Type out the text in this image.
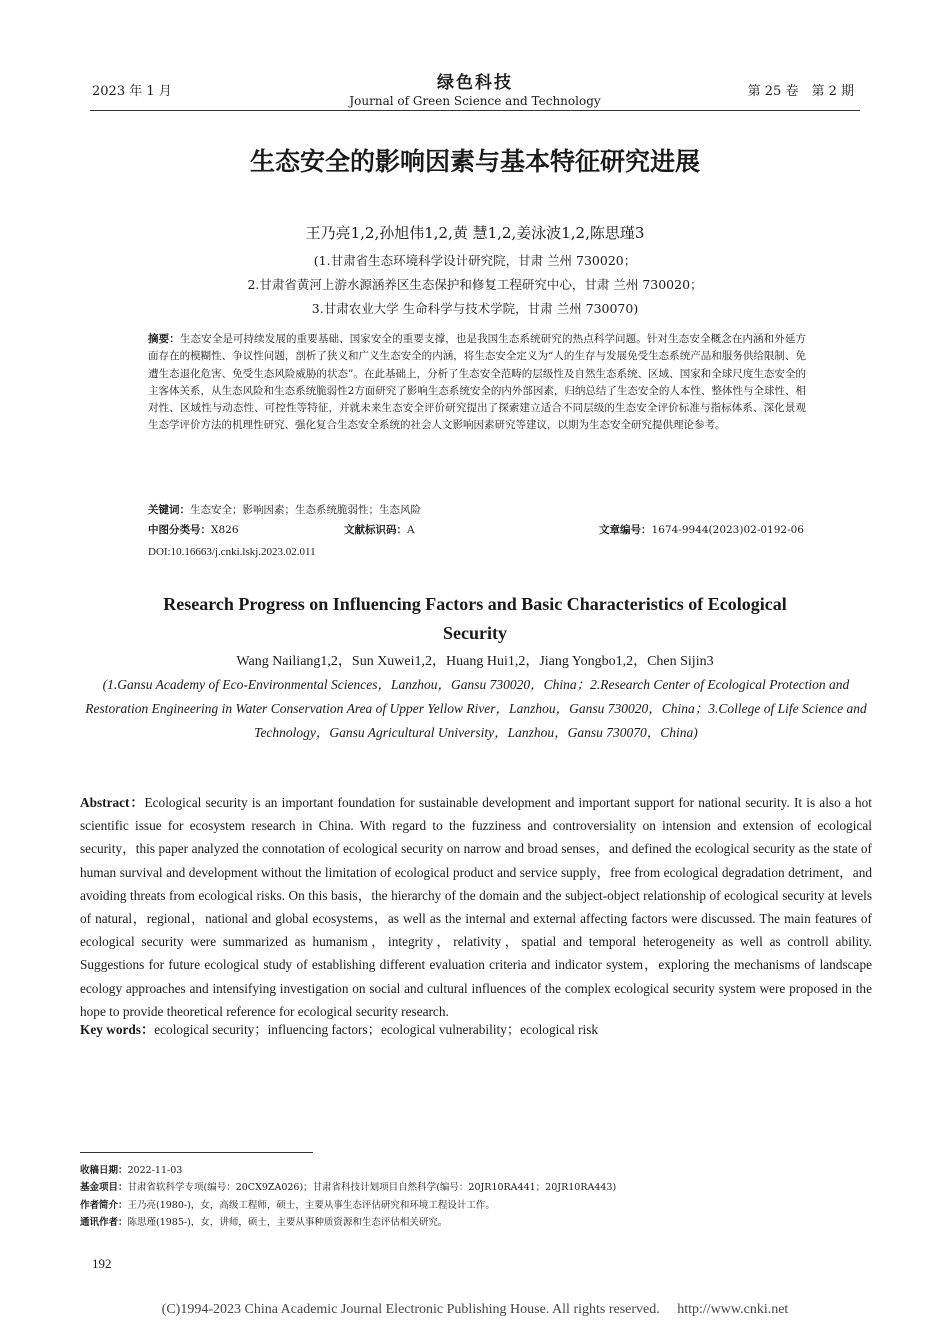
2023 年 1 月	绿色科技
Journal of Green Science and Technology
第 25 卷　第 2 期
生态安全的影响因素与基本特征研究进展
王乃亮1,2,孙旭伟1,2,黄 慧1,2,姜泳波1,2,陈思瑾3
(1.甘肃省生态环境科学设计研究院，甘肃 兰州 730020；
2.甘肃省黄河上游水源涵养区生态保护和修复工程研究中心，甘肃 兰州 730020；
3.甘肃农业大学 生命科学与技术学院，甘肃 兰州 730070)
摘要：生态安全是可持续发展的重要基础、国家安全的重要支撑，也是我国生态系统研究的热点科学问题。针对生态安全概念在内涵和外延方面存在的模糊性、争议性问题，剖析了狭义和广义生态安全的内涵，将生态安全定义为“人的生存与发展免受生态系统产品和服务供给限制、免遭生态退化危害、免受生态风险威胁的状态”。在此基础上，分析了生态安全范畴的层级性及自然生态系统、区域、国家和全球尺度生态安全的主客体关系，从生态风险和生态系统脆弱性2方面研究了影响生态系统安全的内外部因素，归纳总结了生态安全的人本性、整体性与全球性、相对性、区域性与动态性、可控性等特征，并就未来生态安全评价研究提出了探索建立适合不同层级的生态安全评价标准与指标体系、深化景观生态学评价方法的机理性研究、强化复合生态安全系统的社会人文影响因素研究等建议，以期为生态安全研究提供理论参考。
关键词：生态安全；影响因素；生态系统脆弱性；生态风险
中图分类号：X826	文献标识码：A	文章编号：1674-9944(2023)02-0192-06
DOI:10.16663/j.cnki.lskj.2023.02.011
Research Progress on Influencing Factors and Basic Characteristics of Ecological Security
Wang Nailiang1,2，Sun Xuwei1,2，Huang Hui1,2，Jiang Yongbo1,2，Chen Sijin3
(1.Gansu Academy of Eco-Environmental Sciences，Lanzhou，Gansu 730020，China；2.Research Center of Ecological Protection and Restoration Engineering in Water Conservation Area of Upper Yellow River，Lanzhou，Gansu 730020，China；3.College of Life Science and Technology，Gansu Agricultural University，Lanzhou，Gansu 730070，China)
Abstract：Ecological security is an important foundation for sustainable development and important support for national security. It is also a hot scientific issue for ecosystem research in China. With regard to the fuzziness and controversiality on intension and extension of ecological security，this paper analyzed the connotation of ecological security on narrow and broad senses，and defined the ecological security as the state of human survival and development without the limitation of ecological product and service supply，free from ecological degradation detriment，and avoiding threats from ecological risks. On this basis，the hierarchy of the domain and the subject-object relationship of ecological security at levels of natural，regional，national and global ecosystems，as well as the internal and external affecting factors were discussed. The main features of ecological security were summarized as humanism，integrity，relativity，spatial and temporal heterogeneity as well as controll ability. Suggestions for future ecological study of establishing different evaluation criteria and indicator system，exploring the mechanisms of landscape ecology approaches and intensifying investigation on social and cultural influences of the complex ecological security system were proposed in the hope to provide theoretical reference for ecological security research.
Key words：ecological security；influencing factors；ecological vulnerability；ecological risk
收稿日期：2022-11-03
基金项目：甘肃省软科学专项(编号：20CX9ZA026)；甘肃省科技计划项目自然科学(编号：20JR10RA441；20JR10RA443)
作者简介：王乃亮(1980-)，女，高级工程师，硕士，主要从事生态评估研究和环境工程设计工作。
通讯作者：陈思瑾(1985-)，女，讲师，硕士，主要从事种质资源和生态评估相关研究。
192
(C)1994-2023 China Academic Journal Electronic Publishing House. All rights reserved.　 http://www.cnki.net
